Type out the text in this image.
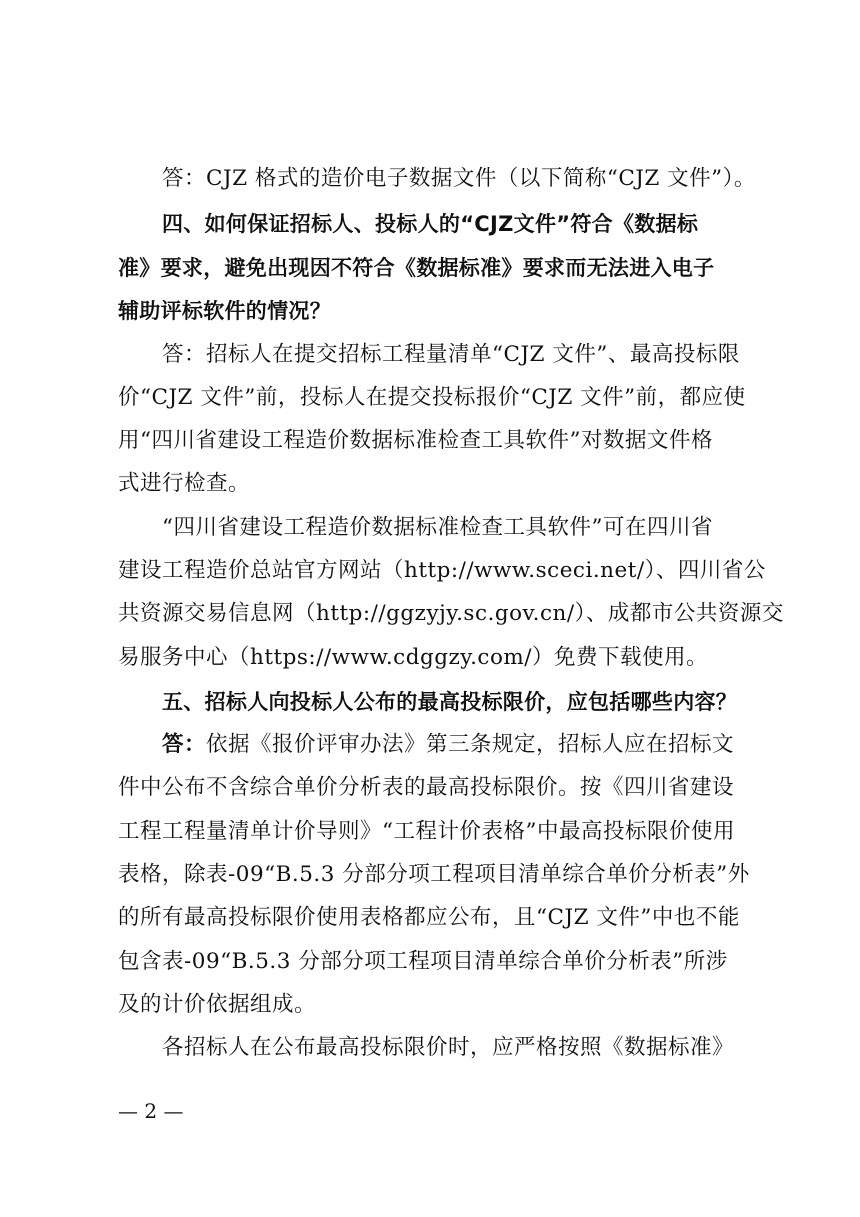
答：CJZ 格式的造价电子数据文件（以下简称“CJZ 文件”）。
四、如何保证招标人、投标人的“CJZ文件”符合《数据标
准》要求，避免出现因不符合《数据标准》要求而无法进入电子
辅助评标软件的情况？
答：招标人在提交招标工程量清单“CJZ 文件”、最高投标限
价“CJZ 文件”前，投标人在提交投标报价“CJZ 文件”前，都应使
用“四川省建设工程造价数据标准检查工具软件”对数据文件格
式进行检查。
“四川省建设工程造价数据标准检查工具软件”可在四川省
建设工程造价总站官方网站（http://www.sceci.net/）、四川省公
共资源交易信息网（http://ggzyjy.sc.gov.cn/）、成都市公共资源交
易服务中心（https://www.cdggzy.com/）免费下载使用。
五、招标人向投标人公布的最高投标限价，应包括哪些内容？
答：依据《报价评审办法》第三条规定，招标人应在招标文
件中公布不含综合单价分析表的最高投标限价。按《四川省建设
工程工程量清单计价导则》“工程计价表格”中最高投标限价使用
表格，除表-09“B.5.3 分部分项工程项目清单综合单价分析表”外
的所有最高投标限价使用表格都应公布，且“CJZ 文件”中也不能
包含表-09“B.5.3 分部分项工程项目清单综合单价分析表”所涉
及的计价依据组成。
各招标人在公布最高投标限价时，应严格按照《数据标准》
— 2 —
